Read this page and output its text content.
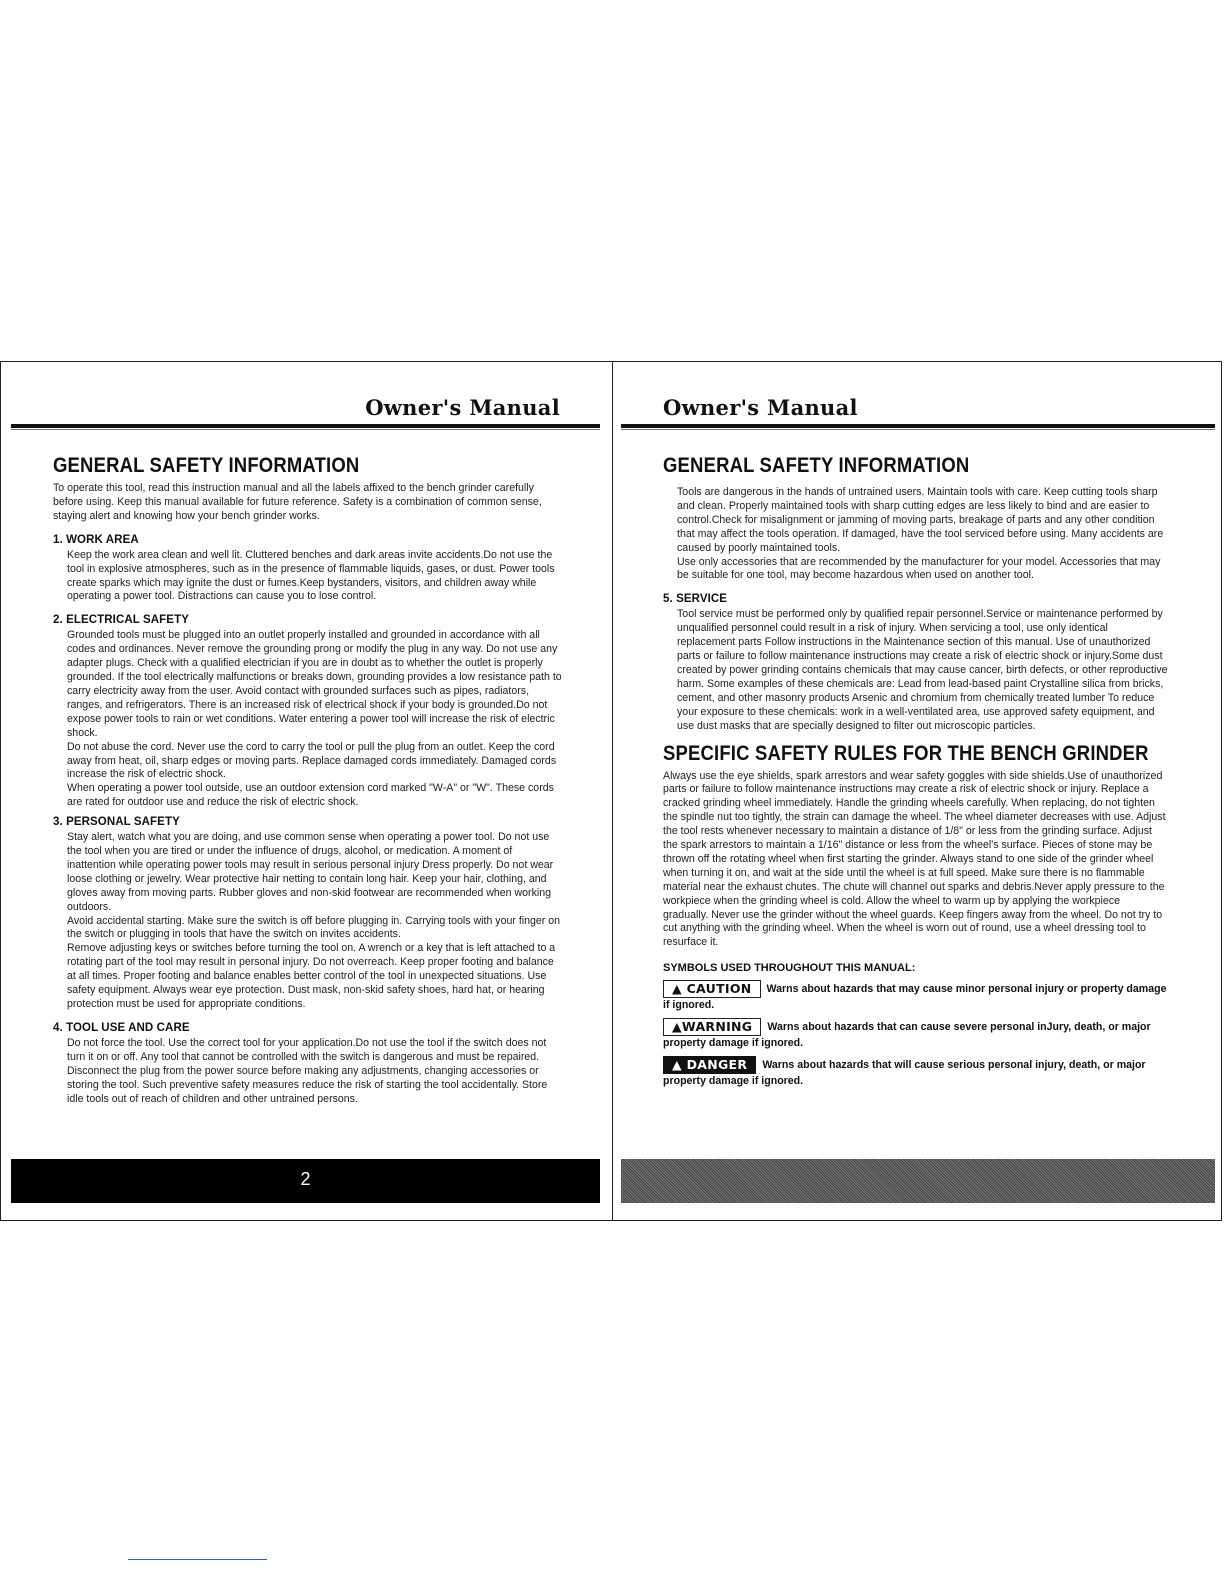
Owner's Manual
GENERAL SAFETY INFORMATION

To operate this tool, read this instruction manual and all the labels affixed to the bench grinder carefully before using. Keep this manual available for future reference. Safety is a combination of common sense, staying alert and knowing how your bench grinder works.

1. WORK AREA

Keep the work area clean and well lit. Cluttered benches and dark areas invite accidents.Do not use the tool in explosive atmospheres, such as in the presence of flammable liquids, gases, or dust. Power tools create sparks which may ignite the dust or fumes.Keep bystanders, visitors, and children away while operating a power tool. Distractions can cause you to lose control.

2. ELECTRICAL SAFETY

Grounded tools must be plugged into an outlet properly installed and grounded in accordance with all codes and ordinances. Never remove the grounding prong or modify the plug in any way. Do not use any adapter plugs. Check with a qualified electrician if you are in doubt as to whether the outlet is properly grounded. If the tool electrically malfunctions or breaks down, grounding provides a low resistance path to carry electricity away from the user. Avoid contact with grounded surfaces such as pipes, radiators, ranges, and refrigerators. There is an increased risk of electrical shock if your body is grounded.Do not expose power tools to rain or wet conditions. Water entering a power tool will increase the risk of electric shock.

Do not abuse the cord. Never use the cord to carry the tool or pull the plug from an outlet. Keep the cord away from heat, oil, sharp edges or moving parts. Replace damaged cords immediately. Damaged cords increase the risk of electric shock.

When operating a power tool outside, use an outdoor extension cord marked "W-A" or "W". These cords are rated for outdoor use and reduce the risk of electric shock.

3. PERSONAL SAFETY

Stay alert, watch what you are doing, and use common sense when operating a power tool. Do not use the tool when you are tired or under the influence of drugs, alcohol, or medication. A moment of inattention while operating power tools may result in serious personal injury Dress properly. Do not wear loose clothing or jewelry. Wear protective hair netting to contain long hair. Keep your hair, clothing, and gloves away from moving parts. Rubber gloves and non-skid footwear are recommended when working outdoors.

Avoid accidental starting. Make sure the switch is off before plugging in. Carrying tools with your finger on the switch or plugging in tools that have the switch on invites accidents.

Remove adjusting keys or switches before turning the tool on. A wrench or a key that is left attached to a rotating part of the tool may result in personal injury. Do not overreach. Keep proper footing and balance at all times. Proper footing and balance enables better control of the tool in unexpected situations. Use safety equipment. Always wear eye protection. Dust mask, non-skid safety shoes, hard hat, or hearing protection must be used for appropriate conditions.

4. TOOL USE AND CARE

Do not force the tool. Use the correct tool for your application.Do not use the tool if the switch does not turn it on or off. Any tool that cannot be controlled with the switch is dangerous and must be repaired. Disconnect the plug from the power source before making any adjustments, changing accessories or storing the tool. Such preventive safety measures reduce the risk of starting the tool accidentally. Store idle tools out of reach of children and other untrained persons.

2
Owner's Manual
GENERAL SAFETY INFORMATION

Tools are dangerous in the hands of untrained users. Maintain tools with care. Keep cutting tools sharp and clean. Properly maintained tools with sharp cutting edges are less likely to bind and are easier to control.Check for misalignment or jamming of moving parts, breakage of parts and any other condition that may affect the tools operation. If damaged, have the tool serviced before using. Many accidents are caused by poorly maintained tools.

Use only accessories that are recommended by the manufacturer for your model. Accessories that may be suitable for one tool, may become hazardous when used on another tool.

5. SERVICE

Tool service must be performed only by qualified repair personnel.Service or maintenance performed by unqualified personnel could result in a risk of injury. When servicing a tool, use only identical replacement parts Follow instructions in the Maintenance section of this manual. Use of unauthorized parts or failure to follow maintenance instructions may create a risk of electric shock or injury.Some dust created by power grinding contains chemicals that may cause cancer, birth defects, or other reproductive harm. Some examples of these chemicals are: Lead from lead-based paint Crystalline silica from bricks, cement, and other masonry products Arsenic and chromium from chemically treated lumber To reduce your exposure to these chemicals: work in a well-ventilated area, use approved safety equipment, and use dust masks that are specially designed to filter out microscopic particles.

SPECIFIC SAFETY RULES FOR THE BENCH GRINDER

Always use the eye shields, spark arrestors and wear safety goggles with side shields.Use of unauthorized parts or failure to follow maintenance instructions may create a risk of electric shock or injury. Replace a cracked grinding wheel immediately. Handle the grinding wheels carefully. When replacing, do not tighten the spindle nut too tightly, the strain can damage the wheel. The wheel diameter decreases with use. Adjust the tool rests whenever necessary to maintain a distance of 1/8" or less from the grinding surface. Adjust the spark arrestors to maintain a 1/16" distance or less from the wheel's surface. Pieces of stone may be thrown off the rotating wheel when first starting the grinder. Always stand to one side of the grinder wheel when turning it on, and wait at the side until the wheel is at full speed. Make sure there is no flammable material near the exhaust chutes. The chute will channel out sparks and debris.Never apply pressure to the workpiece when the grinding wheel is cold. Allow the wheel to warm up by applying the workpiece gradually. Never use the grinder without the wheel guards. Keep fingers away from the wheel. Do not try to cut anything with the grinding wheel. When the wheel is worn out of round, use a wheel dressing tool to resurface it.

SYMBOLS USED THROUGHOUT THIS MANUAL:
▲ CAUTION Warns about hazards that may cause minor personal injury or property damage if ignored.
▲WARNING Warns about hazards that can cause severe personal inJury, death, or major property damage if ignored.
▲ DANGER Warns about hazards that will cause serious personal injury, death, or major property damage if ignored.
